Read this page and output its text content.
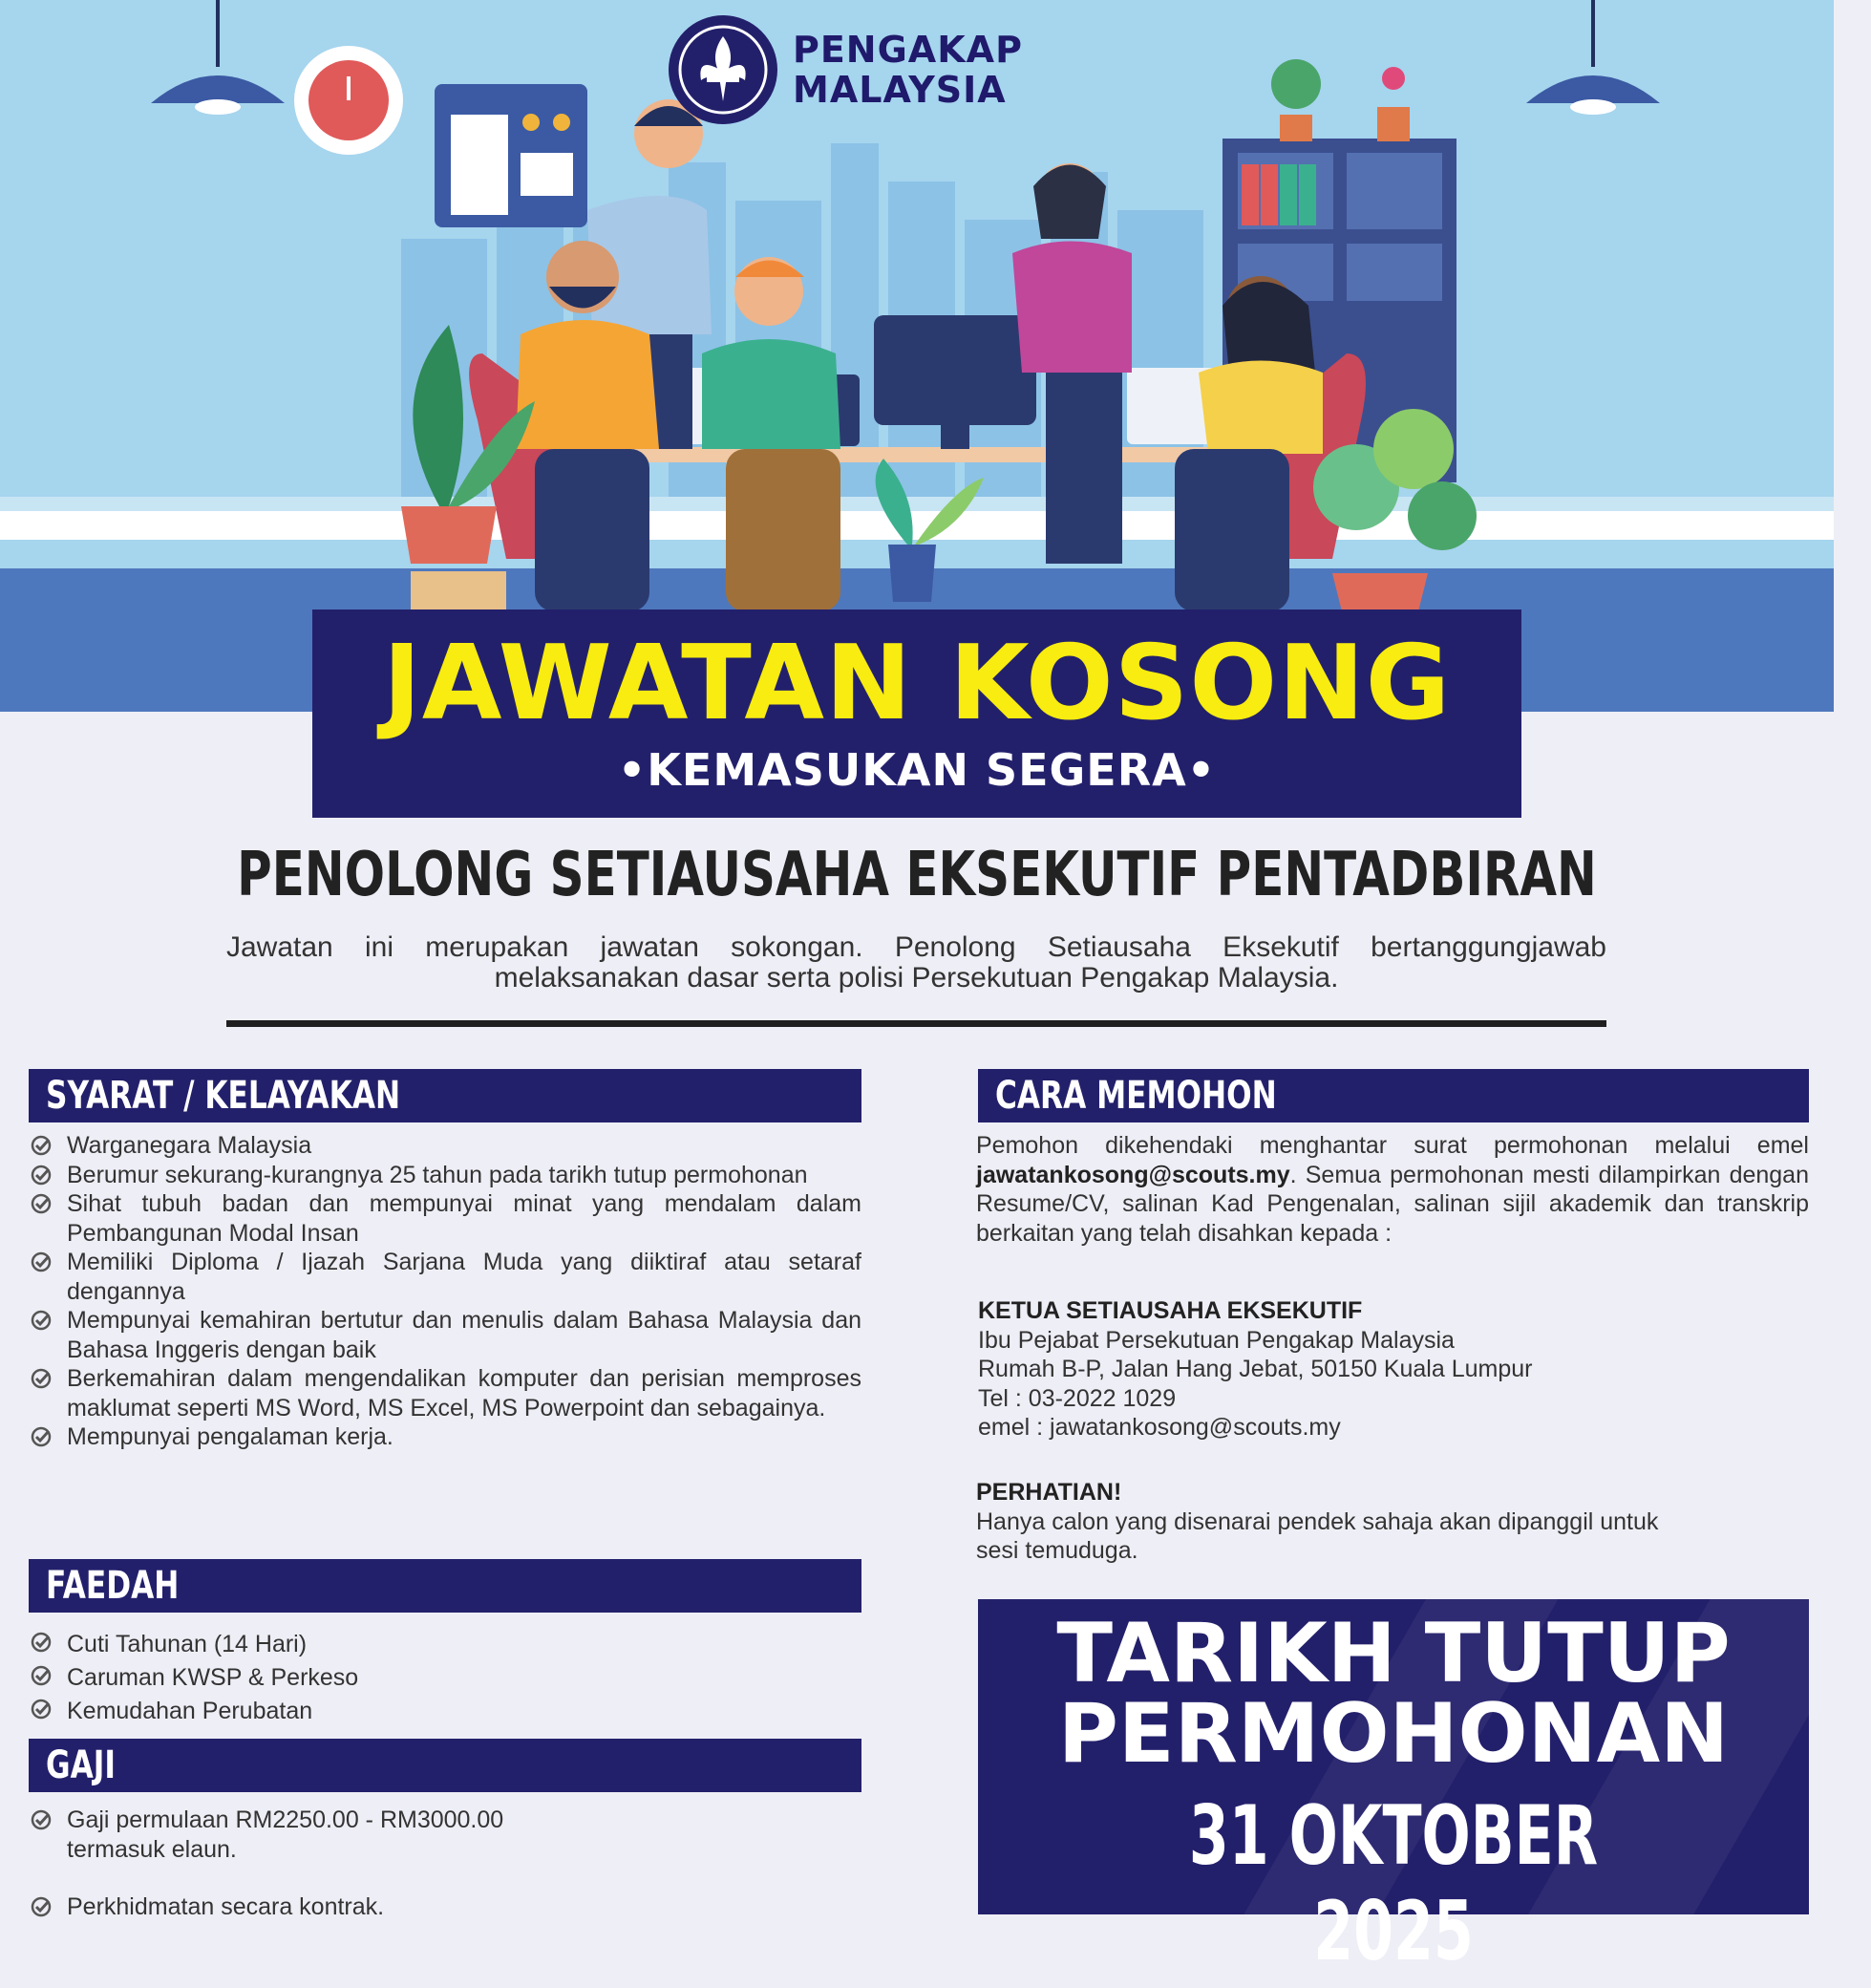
PENGAKAP
MALAYSIA
JAWATAN KOSONG
•KEMASUKAN SEGERA•
PENOLONG SETIAUSAHA EKSEKUTIF PENTADBIRAN
Jawatan ini merupakan jawatan sokongan. Penolong Setiausaha Eksekutif bertanggungjawab melaksanakan dasar serta polisi Persekutuan Pengakap Malaysia.
SYARAT / KELAYAKAN
Warganegara Malaysia
Berumur sekurang-kurangnya 25 tahun pada tarikh tutup permohonan
Sihat tubuh badan dan mempunyai minat yang mendalam dalam Pembangunan Modal Insan
Memiliki Diploma / Ijazah Sarjana Muda yang diiktiraf atau setaraf dengannya
Mempunyai kemahiran bertutur dan menulis dalam Bahasa Malaysia dan Bahasa Inggeris dengan baik
Berkemahiran dalam mengendalikan komputer dan perisian memproses maklumat seperti MS Word, MS Excel, MS Powerpoint dan sebagainya.
Mempunyai pengalaman kerja.
FAEDAH
Cuti Tahunan (14 Hari)
Caruman KWSP & Perkeso
Kemudahan Perubatan
GAJI
Gaji permulaan RM2250.00 - RM3000.00
termasuk elaun.
Perkhidmatan secara kontrak.
CARA MEMOHON
Pemohon dikehendaki menghantar surat permohonan melalui emel jawatankosong@scouts.my. Semua permohonan mesti dilampirkan dengan Resume/CV, salinan Kad Pengenalan, salinan sijil akademik dan transkrip berkaitan yang telah disahkan kepada :
KETUA SETIAUSAHA EKSEKUTIF
Ibu Pejabat Persekutuan Pengakap Malaysia
Rumah B-P, Jalan Hang Jebat, 50150 Kuala Lumpur
Tel : 03-2022 1029
emel : jawatankosong@scouts.my
PERHATIAN!
Hanya calon yang disenarai pendek sahaja akan dipanggil untuk
sesi temuduga.
TARIKH TUTUP
PERMOHONAN
31 OKTOBER 2025
